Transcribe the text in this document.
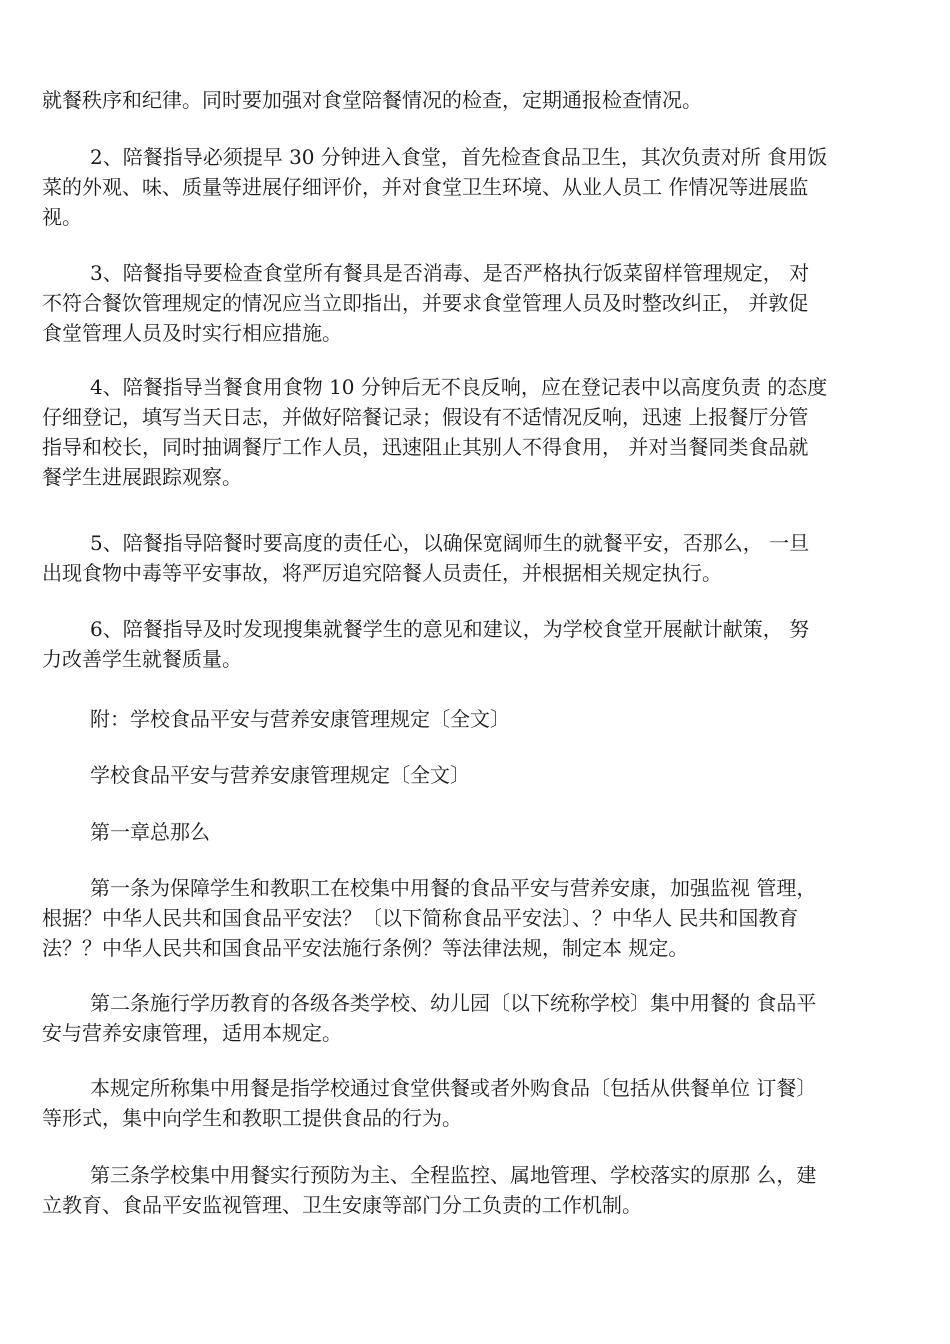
就餐秩序和纪律。同时要加强对食堂陪餐情况的检查，定期通报检查情况。
2、陪餐指导必须提早 30 分钟进入食堂，首先检查食品卫生，其次负责对所 食用饭
菜的外观、味、质量等进展仔细评价，并对食堂卫生环境、从业人员工 作情况等进展监
视。
3、陪餐指导要检查食堂所有餐具是否消毒、是否严格执行饭菜留样管理规定， 对
不符合餐饮管理规定的情况应当立即指出，并要求食堂管理人员及时整改纠正， 并敦促
食堂管理人员及时实行相应措施。
4、陪餐指导当餐食用食物 10 分钟后无不良反响，应在登记表中以高度负责 的态度
仔细登记，填写当天日志，并做好陪餐记录；假设有不适情况反响，迅速 上报餐厅分管
指导和校长，同时抽调餐厅工作人员，迅速阻止其别人不得食用， 并对当餐同类食品就
餐学生进展跟踪观察。
5、陪餐指导陪餐时要高度的责任心，以确保宽阔师生的就餐平安，否那么， 一旦
出现食物中毒等平安事故，将严厉追究陪餐人员责任，并根据相关规定执行。
6、陪餐指导及时发现搜集就餐学生的意见和建议，为学校食堂开展献计献策， 努
力改善学生就餐质量。
附：学校食品平安与营养安康管理规定〔全文〕
学校食品平安与营养安康管理规定〔全文〕
第一章总那么
第一条为保障学生和教职工在校集中用餐的食品平安与营养安康，加强监视 管理，
根据？中华人民共和国食品平安法？〔以下简称食品平安法〕、？中华人 民共和国教育
法？？中华人民共和国食品平安法施行条例？等法律法规，制定本 规定。
第二条施行学历教育的各级各类学校、幼儿园〔以下统称学校〕集中用餐的 食品平
安与营养安康管理，适用本规定。
本规定所称集中用餐是指学校通过食堂供餐或者外购食品〔包括从供餐单位 订餐〕
等形式，集中向学生和教职工提供食品的行为。
第三条学校集中用餐实行预防为主、全程监控、属地管理、学校落实的原那 么，建
立教育、食品平安监视管理、卫生安康等部门分工负责的工作机制。
